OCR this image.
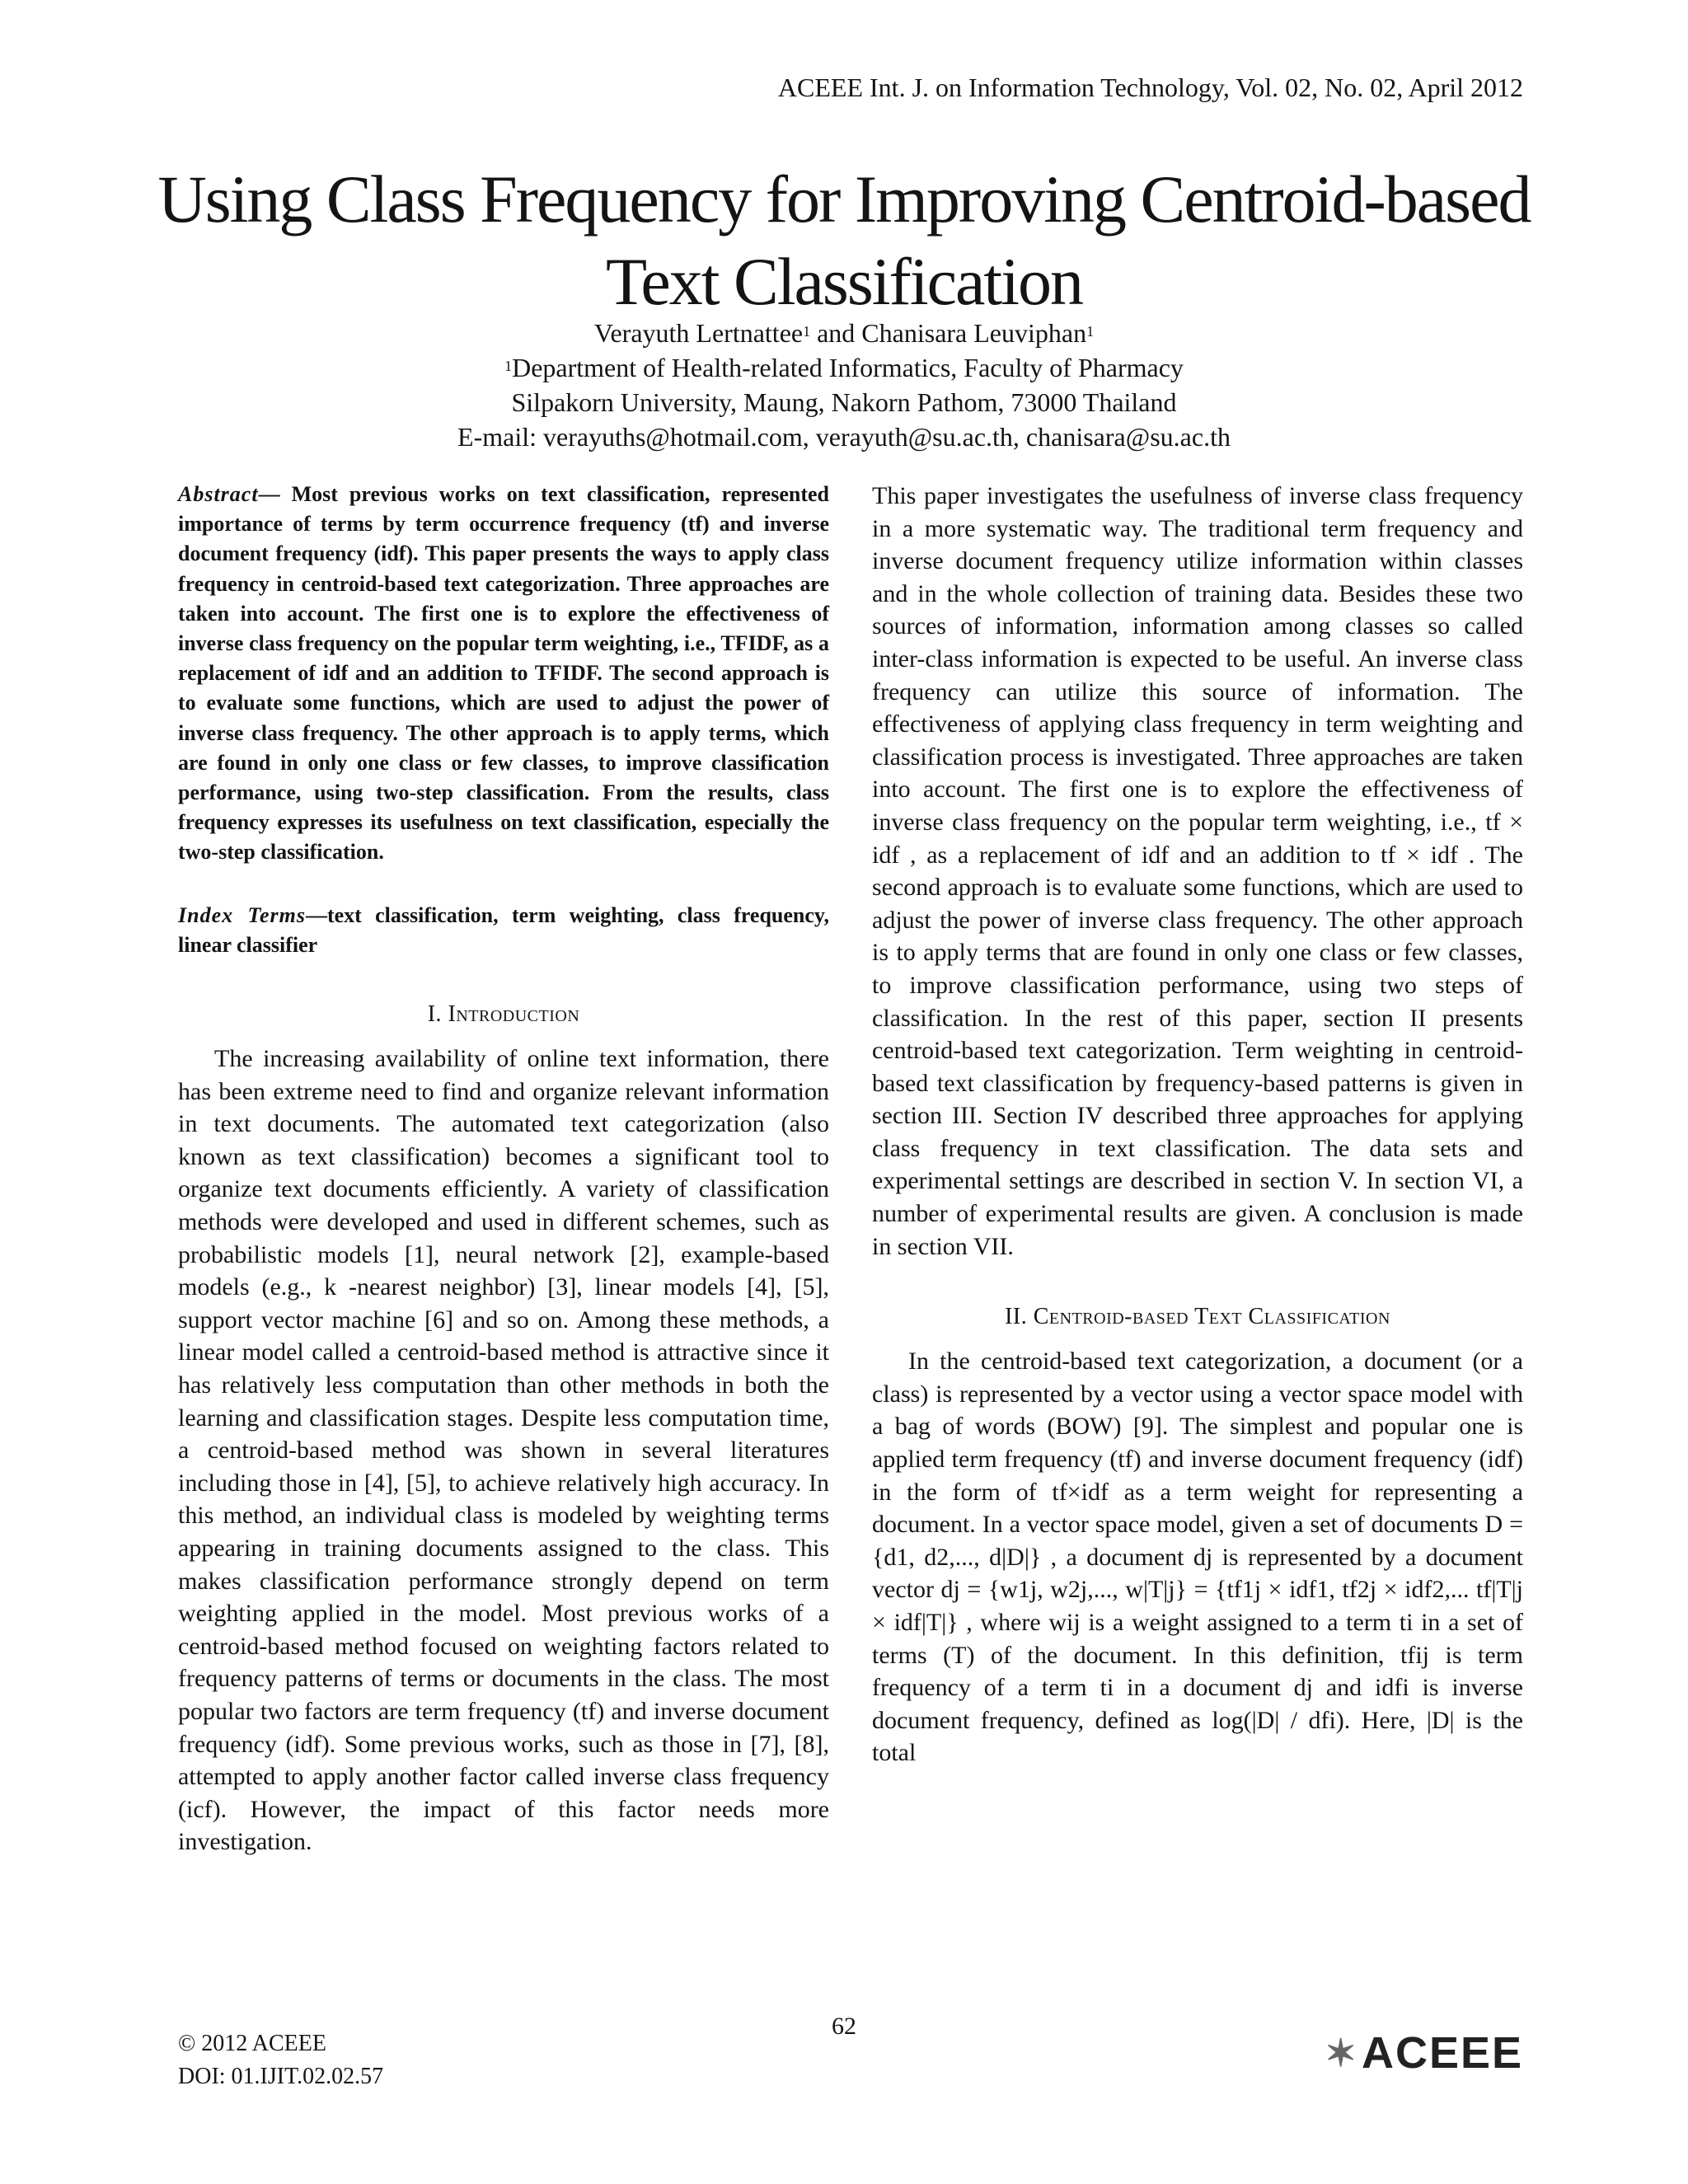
ACEEE Int. J. on Information Technology, Vol. 02, No. 02, April 2012
Using Class Frequency for Improving Centroid-based
Text Classification
Verayuth Lertnattee$^1$ and Chanisara Leuviphan$^1$
$^1$Department of Health-related Informatics, Faculty of Pharmacy
Silpakorn University, Maung, Nakorn Pathom, 73000 Thailand
E-mail: verayuths@hotmail.com, verayuth@su.ac.th, chanisara@su.ac.th

Abstract— Most previous works on text classification, represented importance of terms by term occurrence frequency (tf) and inverse document frequency (idf). This paper presents the ways to apply class frequency in centroid-based text categorization. Three approaches are taken into account. The first one is to explore the effectiveness of inverse class frequency on the popular term weighting, i.e., TFIDF, as a replacement of idf and an addition to TFIDF. The second approach is to evaluate some functions, which are used to adjust the power of inverse class frequency. The other approach is to apply terms, which are found in only one class or few classes, to improve classification performance, using two-step classification. From the results, class frequency expresses its usefulness on text classification, especially the two-step classification.

Index Terms—text classification, term weighting, class frequency, linear classifier

I. Introduction

The increasing availability of online text information, there has been extreme need to find and organize relevant information in text documents. The automated text categorization (also known as text classification) becomes a significant tool to organize text documents efficiently. A variety of classification methods were developed and used in different schemes, such as probabilistic models [1], neural network [2], example-based models (e.g., k -nearest neighbor) [3], linear models [4], [5], support vector machine [6] and so on. Among these methods, a linear model called a centroid-based method is attractive since it has relatively less computation than other methods in both the learning and classification stages. Despite less computation time, a centroid-based method was shown in several literatures including those in [4], [5], to achieve relatively high accuracy. In this method, an individual class is modeled by weighting terms appearing in training documents assigned to the class. This makes classification performance strongly depend on term weighting applied in the model. Most previous works of a centroid-based method focused on weighting factors related to frequency patterns of terms or documents in the class. The most popular two factors are term frequency (tf) and inverse document frequency (idf). Some previous works, such as those in [7], [8], attempted to apply another factor called inverse class frequency (icf). However, the impact of this factor needs more investigation.

This paper investigates the usefulness of inverse class frequency in a more systematic way. The traditional term frequency and inverse document frequency utilize information within classes and in the whole collection of training data. Besides these two sources of information, information among classes so called inter-class information is expected to be useful. An inverse class frequency can utilize this source of information. The effectiveness of applying class frequency in term weighting and classification process is investigated. Three approaches are taken into account. The first one is to explore the effectiveness of inverse class frequency on the popular term weighting, i.e., tf × idf , as a replacement of idf and an addition to tf × idf . The second approach is to evaluate some functions, which are used to adjust the power of inverse class frequency. The other approach is to apply terms that are found in only one class or few classes, to improve classification performance, using two steps of classification. In the rest of this paper, section II presents centroid-based text categorization. Term weighting in centroid-based text classification by frequency-based patterns is given in section III. Section IV described three approaches for applying class frequency in text classification. The data sets and experimental settings are described in section V. In section VI, a number of experimental results are given. A conclusion is made in section VII.

II. Centroid-based Text Classification

In the centroid-based text categorization, a document (or a class) is represented by a vector using a vector space model with a bag of words (BOW) [9]. The simplest and popular one is applied term frequency (tf) and inverse document frequency (idf) in the form of tf×idf as a term weight for representing a document. In a vector space model, given a set of documents D = {d1, d2,..., d|D|} , a document dj is represented by a document vector dj = {w1j, w2j,..., w|T|j} = {tf1j × idf1, tf2j × idf2,... tf|T|j × idf|T|} , where wij is a weight assigned to a term ti in a set of terms (T) of the document. In this definition, tfij is term frequency of a term ti in a document dj and idfi is inverse document frequency, defined as log(|D| / dfi). Here, |D| is the total

© 2012 ACEEE
DOI: 01.IJIT.02.02.57
62
✶ ACEEE
